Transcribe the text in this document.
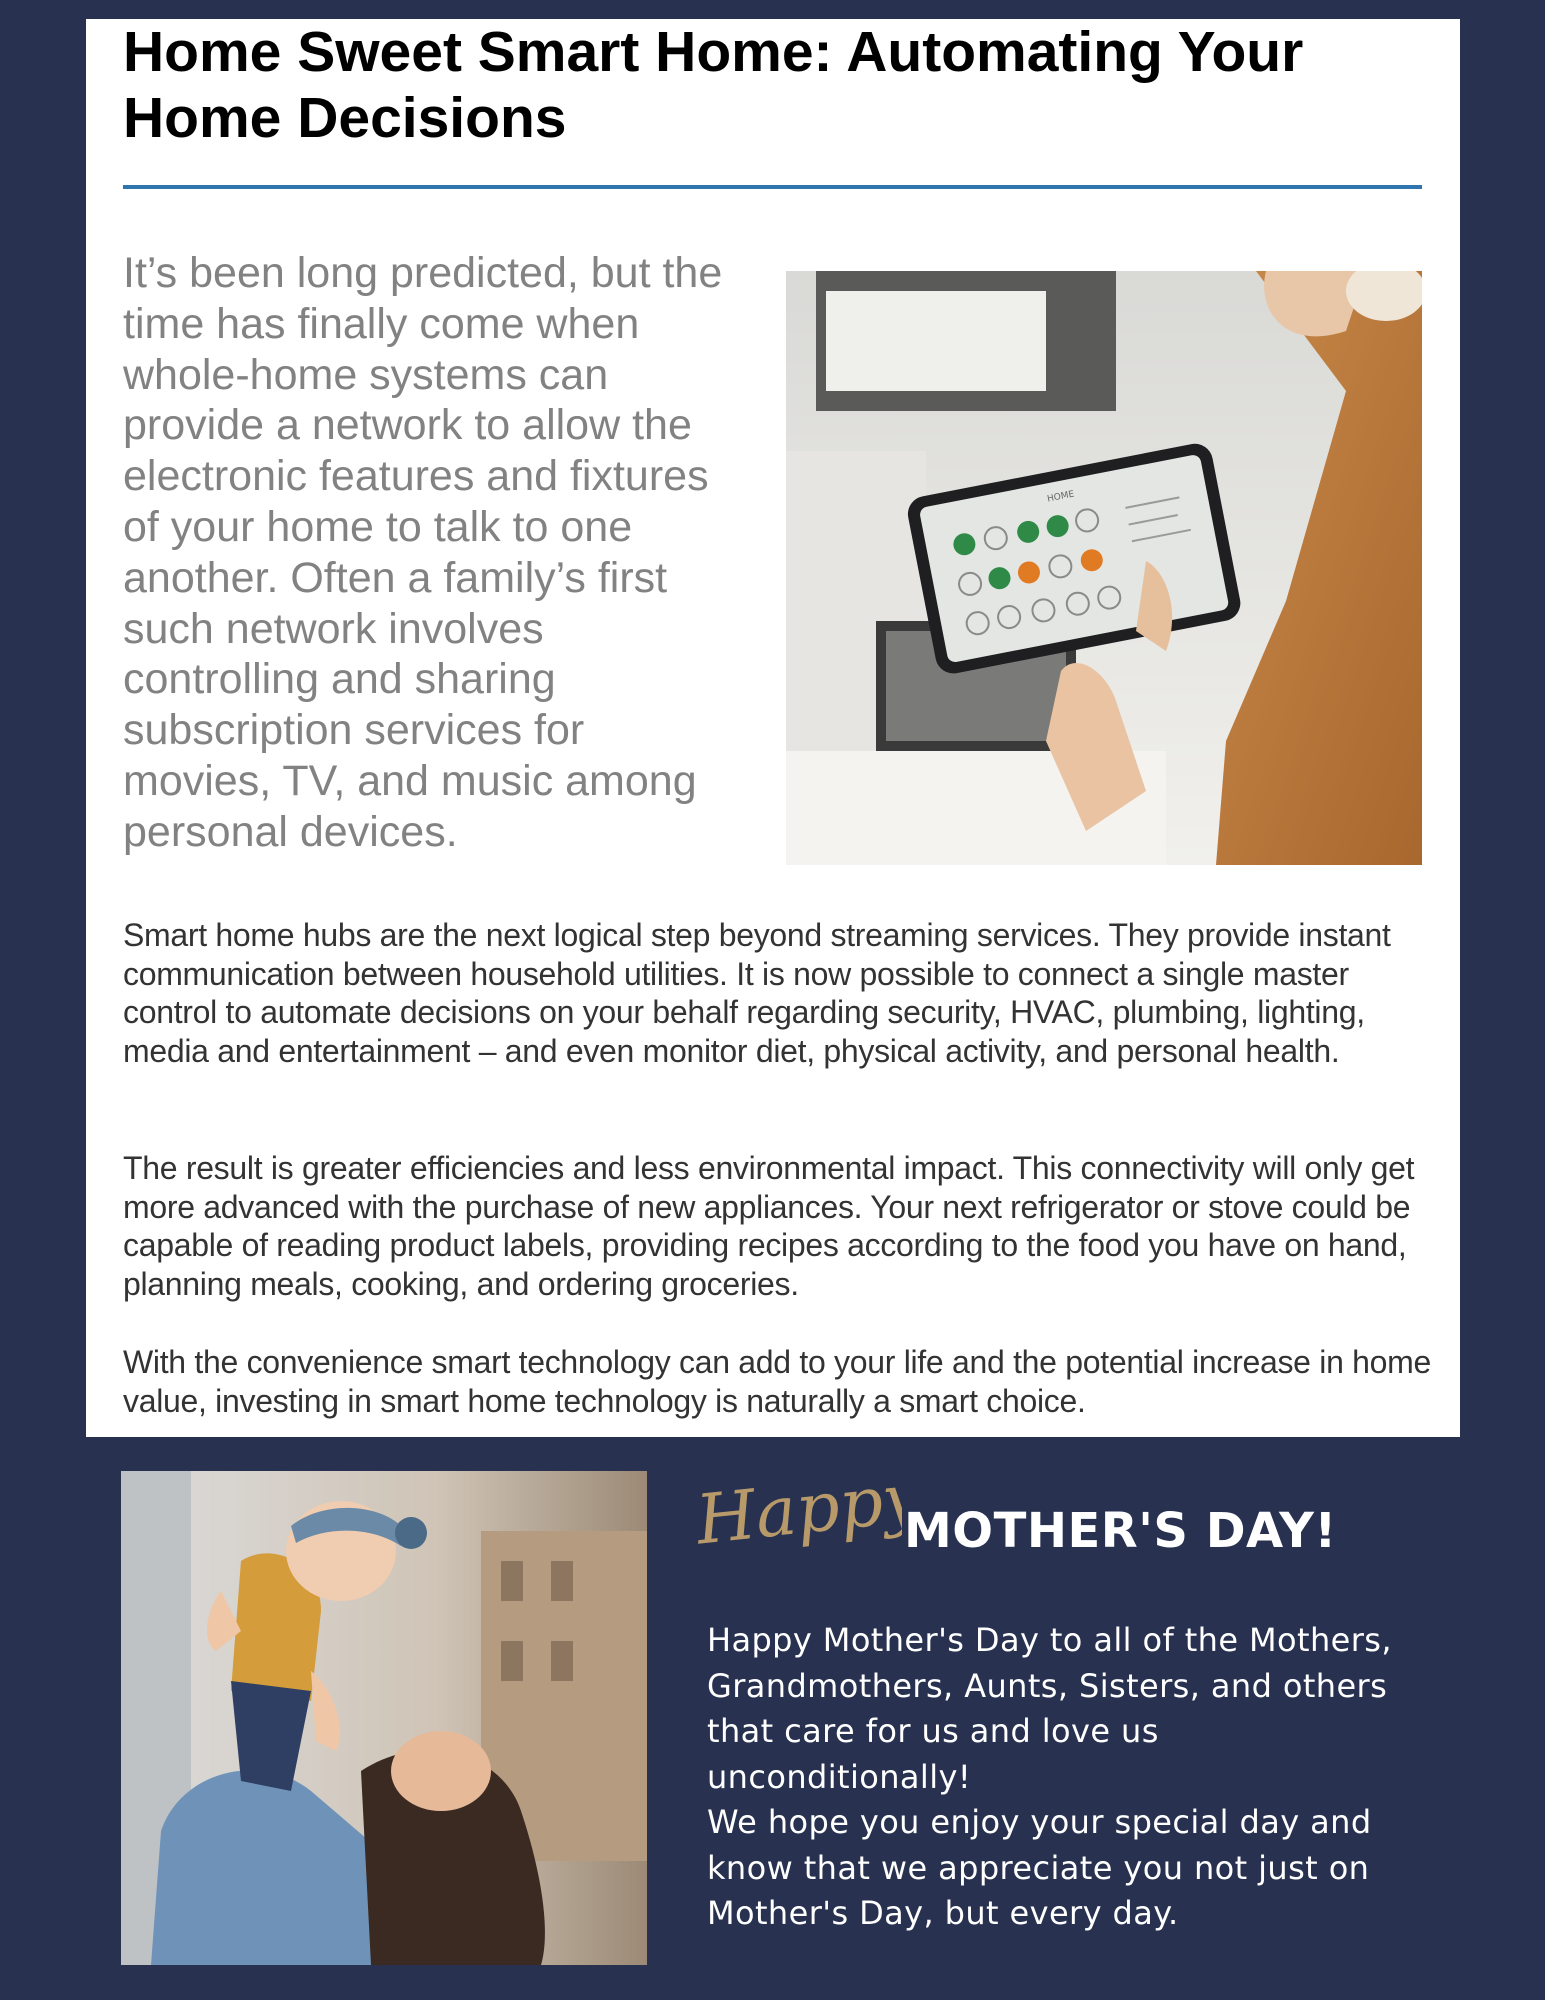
Home Sweet Smart Home: Automating Your Home Decisions

It’s been long predicted, but the time has finally come when whole-home systems can provide a network to allow the electronic features and fixtures of your home to talk to one another. Often a family’s first such network involves controlling and sharing subscription services for movies, TV, and music among personal devices.

HOME

Smart home hubs are the next logical step beyond streaming services. They provide instant communication between household utilities. It is now possible to connect a single master control to automate decisions on your behalf regarding security, HVAC, plumbing, lighting, media and entertainment – and even monitor diet, physical activity, and personal health.

The result is greater efficiencies and less environmental impact. This connectivity will only get more advanced with the purchase of new appliances. Your next refrigerator or stove could be capable of reading product labels, providing recipes according to the food you have on hand, planning meals, cooking, and ordering groceries.

With the convenience smart technology can add to your life and the potential increase in home value, investing in smart home technology is naturally a smart choice.

Happy
MOTHER'S DAY!
Happy Mother's Day to all of the Mothers,
Grandmothers, Aunts, Sisters, and others
that care for us and love us
unconditionally!
We hope you enjoy your special day and
know that we appreciate you not just on
Mother's Day, but every day.
